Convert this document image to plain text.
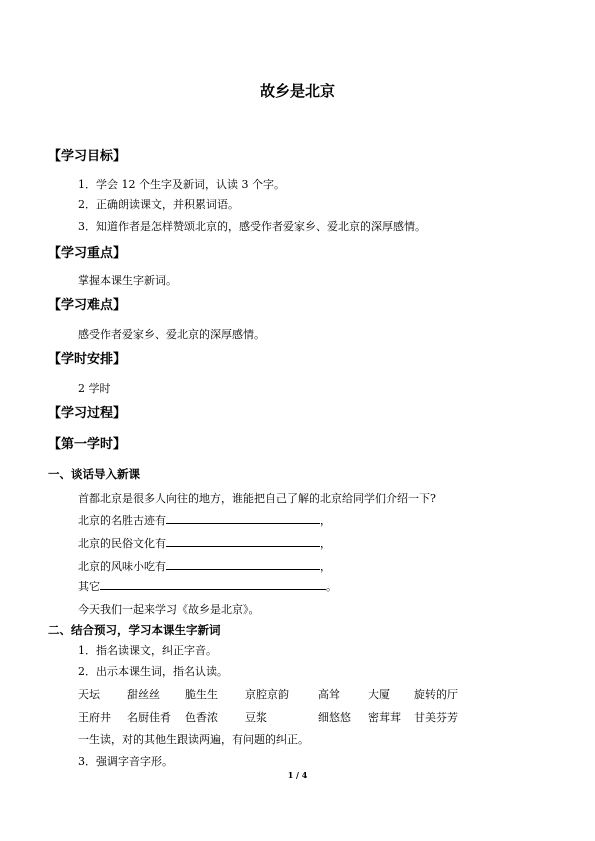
故乡是北京
【学习目标】
1．学会 12 个生字及新词，认读 3 个字。
2．正确朗读课文，并积累词语。
3．知道作者是怎样赞颂北京的，感受作者爱家乡、爱北京的深厚感情。
【学习重点】
掌握本课生字新词。
【学习难点】
感受作者爱家乡、爱北京的深厚感情。
【学时安排】
2 学时
【学习过程】
【第一学时】
一、谈话导入新课
首都北京是很多人向往的地方，谁能把自己了解的北京给同学们介绍一下?
北京的名胜古迹有	，
北京的民俗文化有	，
北京的风味小吃有	，
其它	。
今天我们一起来学习《故乡是北京》。
二、结合预习，学习本课生字新词
1．指名读课文，纠正字音。
2．出示本课生词，指名认读。
天坛 甜丝丝 脆生生 京腔京韵	高耸	大厦 旋转的厅
王府井 名厨佳肴 色香浓 豆浆	细悠悠 密茸茸 甘美芬芳
一生读，对的其他生跟读两遍，有问题的纠正。
3．强调字音字形。
1 / 4
